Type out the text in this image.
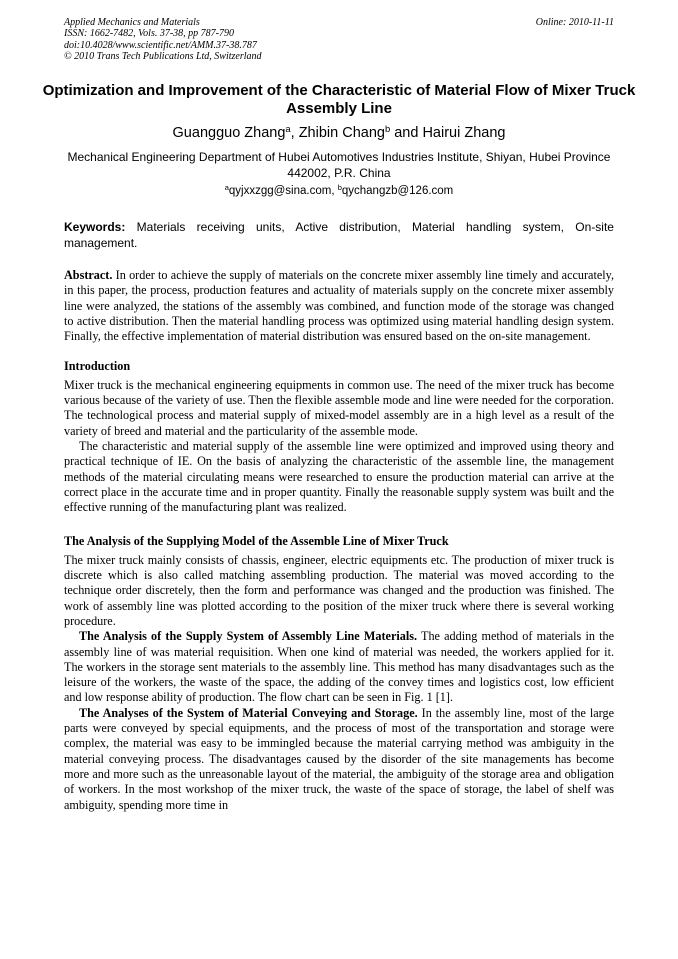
Applied Mechanics and Materials
ISSN: 1662-7482, Vols. 37-38, pp 787-790
doi:10.4028/www.scientific.net/AMM.37-38.787
© 2010 Trans Tech Publications Ltd, Switzerland
Online: 2010-11-11
Optimization and Improvement of the Characteristic of Material Flow of Mixer Truck Assembly Line
Guangguo Zhang$^a$, Zhibin Chang$^b$ and Hairui Zhang
Mechanical Engineering Department of Hubei Automotives Industries Institute, Shiyan, Hubei Province 442002, P.R. China
$^a$qyjxxzgg@sina.com, $^b$qychangzb@126.com
Keywords: Materials receiving units, Active distribution, Material handling system, On-site management.

Abstract. In order to achieve the supply of materials on the concrete mixer assembly line timely and accurately, in this paper, the process, production features and actuality of materials supply on the concrete mixer assembly line were analyzed, the stations of the assembly was combined, and function mode of the storage was changed to active distribution. Then the material handling process was optimized using material handling design system. Finally, the effective implementation of material distribution was ensured based on the on-site management.

Introduction

Mixer truck is the mechanical engineering equipments in common use. The need of the mixer truck has become various because of the variety of use. Then the flexible assemble mode and line were needed for the corporation. The technological process and material supply of mixed-model assembly are in a high level as a result of the variety of breed and material and the particularity of the assemble mode.

The characteristic and material supply of the assemble line were optimized and improved using theory and practical technique of IE. On the basis of analyzing the characteristic of the assemble line, the management methods of the material circulating means were researched to ensure the production material can arrive at the correct place in the accurate time and in proper quantity. Finally the reasonable supply system was built and the effective running of the manufacturing plant was realized.

The Analysis of the Supplying Model of the Assemble Line of Mixer Truck

The mixer truck mainly consists of chassis, engineer, electric equipments etc. The production of mixer truck is discrete which is also called matching assembling production. The material was moved according to the technique order discretely, then the form and performance was changed and the production was finished. The work of assembly line was plotted according to the position of the mixer truck where there is several working procedure.

The Analysis of the Supply System of Assembly Line Materials. The adding method of materials in the assembly line of was material requisition. When one kind of material was needed, the workers applied for it. The workers in the storage sent materials to the assembly line. This method has many disadvantages such as the leisure of the workers, the waste of the space, the adding of the convey times and logistics cost, low efficient and low response ability of production. The flow chart can be seen in Fig. 1 [1].

The Analyses of the System of Material Conveying and Storage. In the assembly line, most of the large parts were conveyed by special equipments, and the process of most of the transportation and storage were complex, the material was easy to be immingled because the material carrying method was ambiguity in the material conveying process. The disadvantages caused by the disorder of the site managements has become more and more such as the unreasonable layout of the material, the ambiguity of the storage area and obligation of workers. In the most workshop of the mixer truck, the waste of the space of storage, the label of shelf was ambiguity, spending more time in
